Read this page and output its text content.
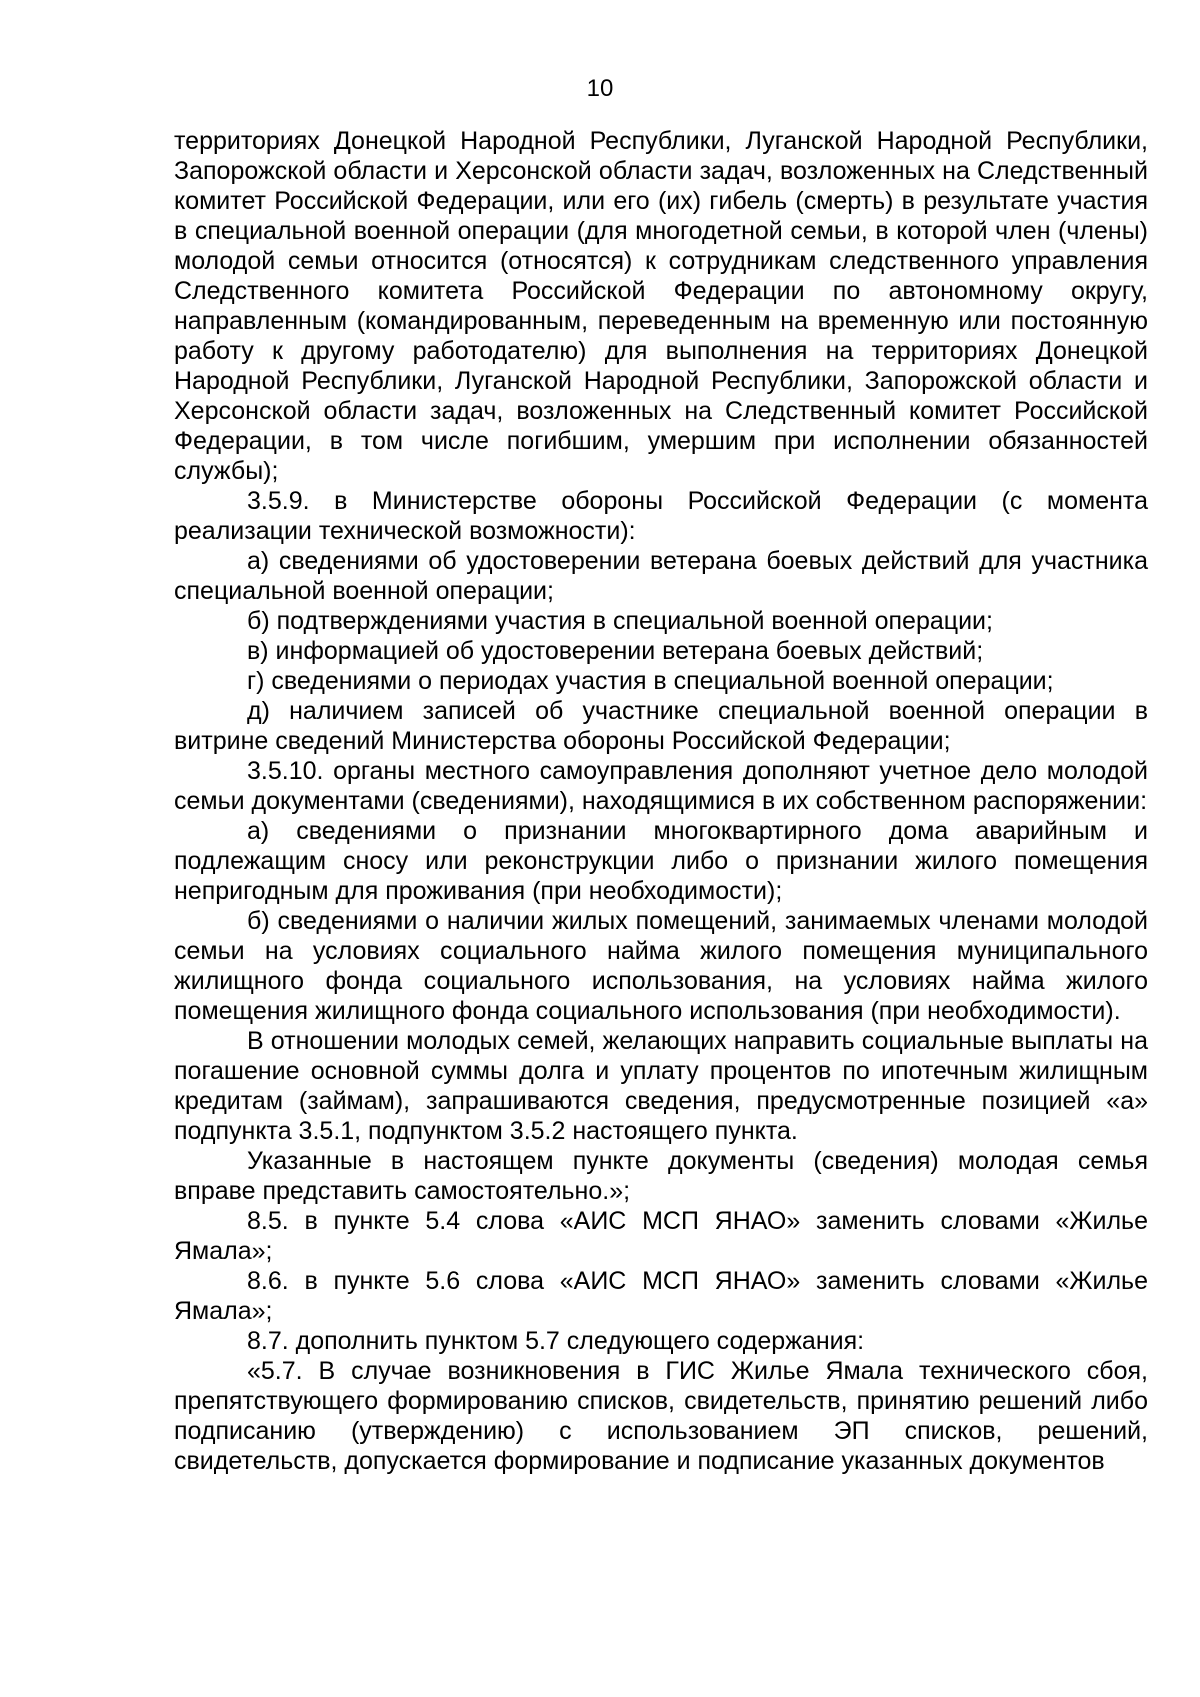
10

территориях Донецкой Народной Республики, Луганской Народной Республики, Запорожской области и Херсонской области задач, возложенных на Следственный комитет Российской Федерации, или его (их) гибель (смерть) в результате участия в специальной военной операции (для многодетной семьи, в которой член (члены) молодой семьи относится (относятся) к сотрудникам следственного управления Следственного комитета Российской Федерации по автономному округу, направленным (командированным, переведенным на временную или постоянную работу к другому работодателю) для выполнения на территориях Донецкой Народной Республики, Луганской Народной Республики, Запорожской области и Херсонской области задач, возложенных на Следственный комитет Российской Федерации, в том числе погибшим, умершим при исполнении обязанностей службы);

3.5.9. в Министерстве обороны Российской Федерации (с момента реализации технической возможности):

а) сведениями об удостоверении ветерана боевых действий для участника специальной военной операции;

б) подтверждениями участия в специальной военной операции;

в) информацией об удостоверении ветерана боевых действий;

г) сведениями о периодах участия в специальной военной операции;

д) наличием записей об участнике специальной военной операции в витрине сведений Министерства обороны Российской Федерации;

3.5.10. органы местного самоуправления дополняют учетное дело молодой семьи документами (сведениями), находящимися в их собственном распоряжении:

а) сведениями о признании многоквартирного дома аварийным и подлежащим сносу или реконструкции либо о признании жилого помещения непригодным для проживания (при необходимости);

б) сведениями о наличии жилых помещений, занимаемых членами молодой семьи на условиях социального найма жилого помещения муниципального жилищного фонда социального использования, на условиях найма жилого помещения жилищного фонда социального использования (при необходимости).

В отношении молодых семей, желающих направить социальные выплаты на погашение основной суммы долга и уплату процентов по ипотечным жилищным кредитам (займам), запрашиваются сведения, предусмотренные позицией «а» подпункта 3.5.1, подпунктом 3.5.2 настоящего пункта.

Указанные в настоящем пункте документы (сведения) молодая семья вправе представить самостоятельно.»;

8.5. в пункте 5.4 слова «АИС МСП ЯНАО» заменить словами «Жилье Ямала»;

8.6. в пункте 5.6 слова «АИС МСП ЯНАО» заменить словами «Жилье Ямала»;

8.7. дополнить пунктом 5.7 следующего содержания:

«5.7. В случае возникновения в ГИС Жилье Ямала технического сбоя, препятствующего формированию списков, свидетельств, принятию решений либо подписанию (утверждению) с использованием ЭП списков, решений, свидетельств, допускается формирование и подписание указанных документов
